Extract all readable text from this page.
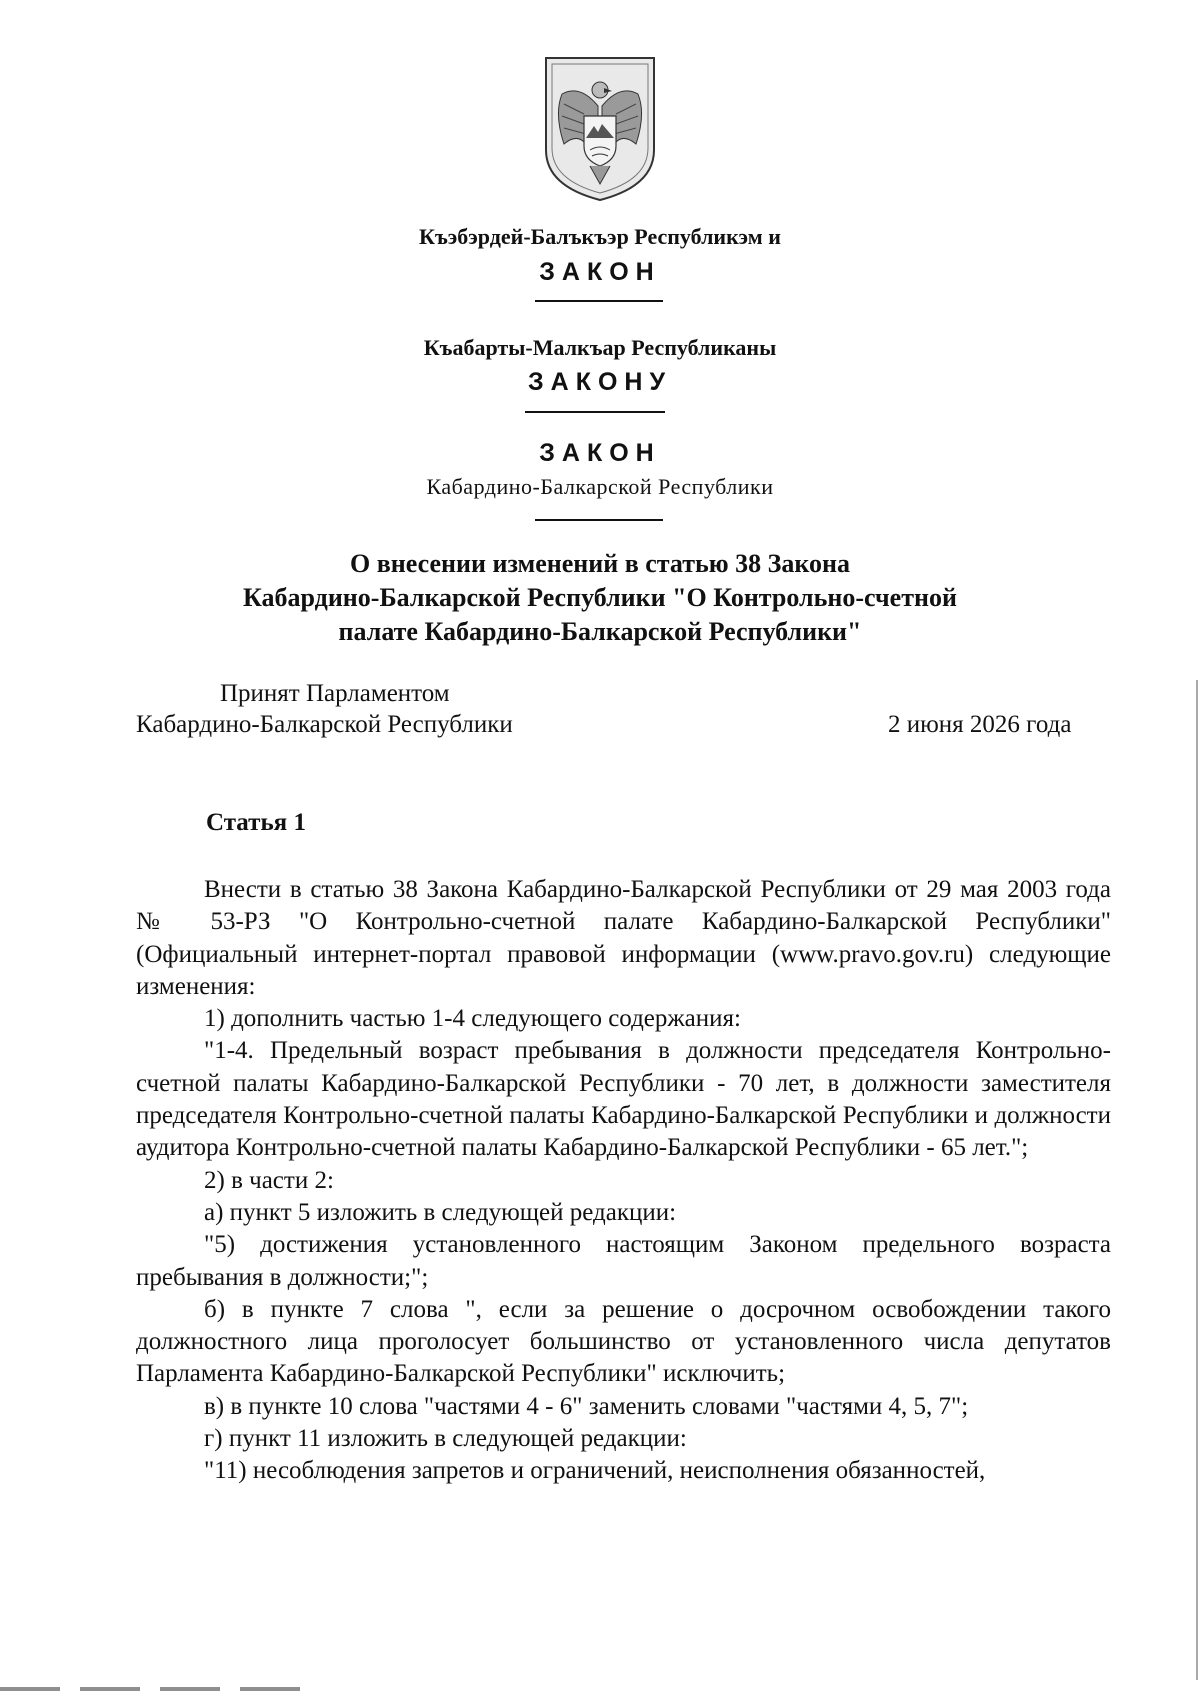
Къэбэрдей-Балъкъэр Республикэм и
ЗАКОН
Къабарты-Малкъар Республиканы
ЗАКОНУ
ЗАКОН
Кабардино-Балкарской Республики
О внесении изменений в статью 38 Закона
Кабардино-Балкарской Республики "О Контрольно-счетной
палате Кабардино-Балкарской Республики"
Принят Парламентом
Кабардино-Балкарской Республики	2 июня 2026 года
Статья 1

Внести в статью 38 Закона Кабардино-Балкарской Республики от 29 мая 2003 года № 53-РЗ "О Контрольно-счетной палате Кабардино-Балкарской Республики" (Официальный интернет-портал правовой информации (www.pravo.gov.ru) следующие изменения:

1) дополнить частью 1-4 следующего содержания:

"1-4. Предельный возраст пребывания в должности председателя Контрольно-счетной палаты Кабардино-Балкарской Республики - 70 лет, в должности заместителя председателя Контрольно-счетной палаты Кабардино-Балкарской Республики и должности аудитора Контрольно-счетной палаты Кабардино-Балкарской Республики - 65 лет.";

2) в части 2:

а) пункт 5 изложить в следующей редакции:

"5) достижения установленного настоящим Законом предельного возраста пребывания в должности;";

б) в пункте 7 слова ", если за решение о досрочном освобождении такого должностного лица проголосует большинство от установленного числа депутатов Парламента Кабардино-Балкарской Республики" исключить;

в) в пункте 10 слова "частями 4 - 6" заменить словами "частями 4, 5, 7";

г) пункт 11 изложить в следующей редакции:

"11) несоблюдения запретов и ограничений, неисполнения обязанностей,
